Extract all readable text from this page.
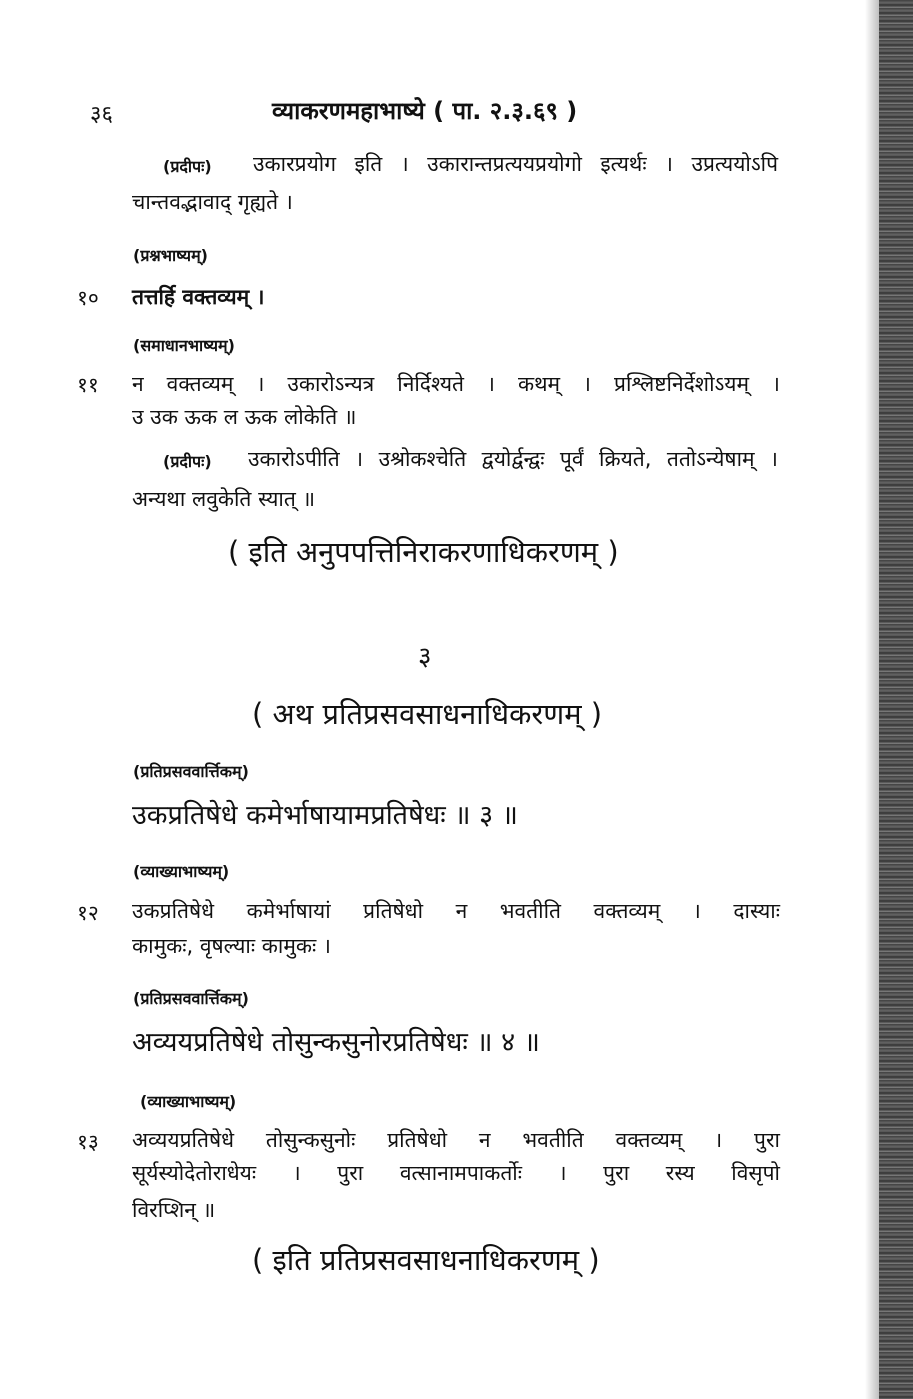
३६	व्याकरणमहाभाष्ये ( पा. २.३.६९ )
(प्रदीपः) उकारप्रयोग इति । उकारान्तप्रत्ययप्रयोगो इत्यर्थः । उप्रत्ययोऽपि
चान्तवद्भावाद् गृह्यते ।
(प्रश्नभाष्यम्)
१० तत्तर्हि वक्तव्यम् ।
(समाधानभाष्यम्)
११ न वक्तव्यम् । उकारोऽन्यत्र निर्दिश्यते । कथम् । प्रश्लिष्टनिर्देशोऽयम् ।
उ उक ऊक ल ऊक लोकेति ॥
(प्रदीपः) उकारोऽपीति । उश्रोकश्चेति द्वयोर्द्वन्द्वः पूर्वं क्रियते, ततोऽन्येषाम् ।
अन्यथा लवुकेति स्यात् ॥
( इति अनुपपत्तिनिराकरणाधिकरणम् )
३
( अथ प्रतिप्रसवसाधनाधिकरणम् )
(प्रतिप्रसववार्त्तिकम्)
उकप्रतिषेधे कमेर्भाषायामप्रतिषेधः ॥ ३ ॥
(व्याख्याभाष्यम्)
१२ उकप्रतिषेधे कमेर्भाषायां प्रतिषेधो न भवतीति वक्तव्यम् । दास्याः
कामुकः, वृषल्याः कामुकः ।
(प्रतिप्रसववार्त्तिकम्)
अव्ययप्रतिषेधे तोसुन्कसुनोरप्रतिषेधः ॥ ४ ॥
(व्याख्याभाष्यम्)
१३ अव्ययप्रतिषेधे तोसुन्कसुनोः प्रतिषेधो न भवतीति वक्तव्यम् । पुरा
सूर्यस्योदेतोराधेयः । पुरा वत्सानामपाकर्तोः । पुरा रस्य विसृपो
विरप्शिन् ॥
( इति प्रतिप्रसवसाधनाधिकरणम् )
